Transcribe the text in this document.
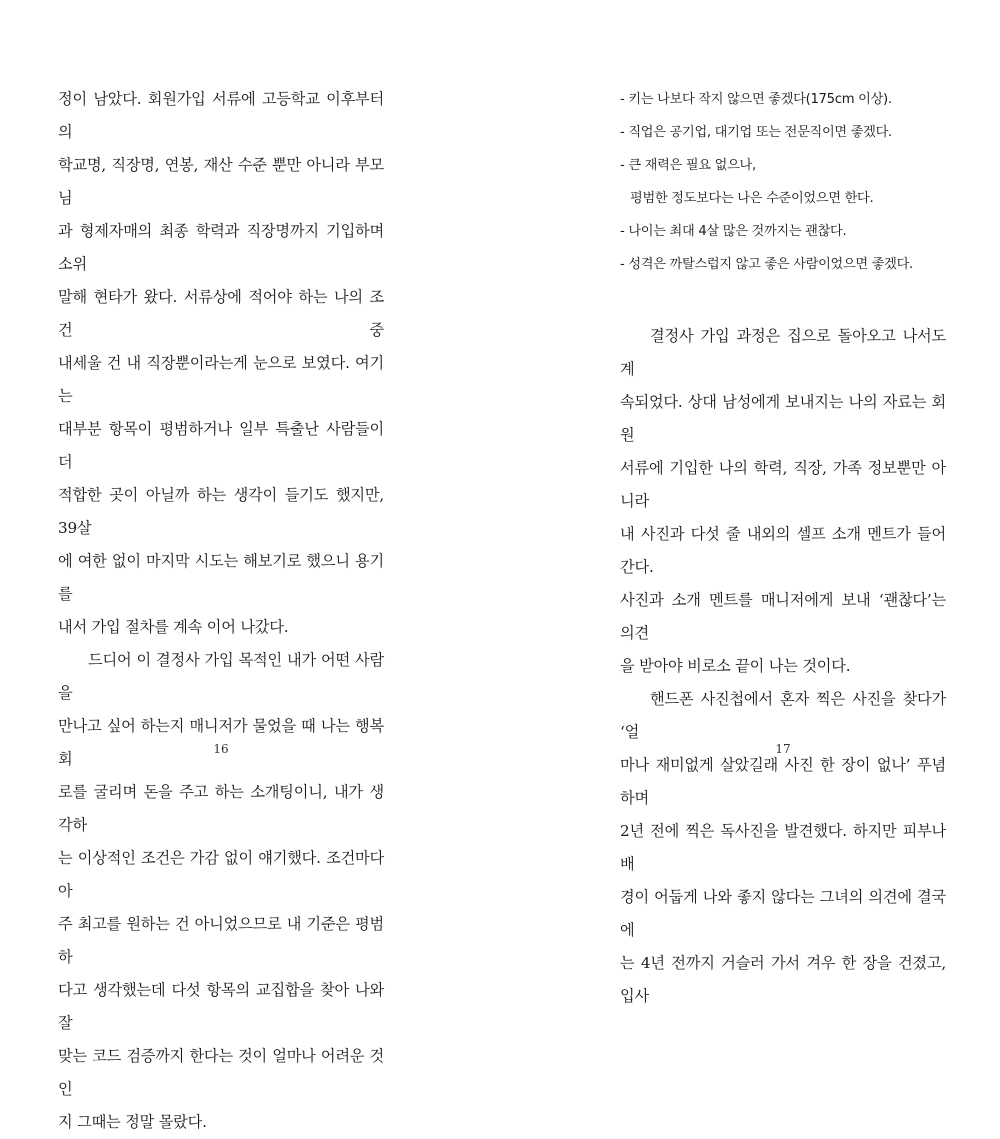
정이 남았다. 회원가입 서류에 고등학교 이후부터의

학교명, 직장명, 연봉, 재산 수준 뿐만 아니라 부모님

과 형제자매의 최종 학력과 직장명까지 기입하며 소위

말해 현타가 왔다. 서류상에 적어야 하는 나의 조건 중

내세울 건 내 직장뿐이라는게 눈으로 보였다. 여기는

대부분 항목이 평범하거나 일부 특출난 사람들이 더

적합한 곳이 아닐까 하는 생각이 들기도 했지만, 39살

에 여한 없이 마지막 시도는 해보기로 했으니 용기를

내서 가입 절차를 계속 이어 나갔다.

드디어 이 결정사 가입 목적인 내가 어떤 사람을

만나고 싶어 하는지 매니저가 물었을 때 나는 행복회

로를 굴리며 돈을 주고 하는 소개팅이니, 내가 생각하

는 이상적인 조건은 가감 없이 얘기했다. 조건마다 아

주 최고를 원하는 건 아니었으므로 내 기준은 평범하

다고 생각했는데 다섯 항목의 교집합을 찾아 나와 잘

맞는 코드 검증까지 한다는 것이 얼마나 어려운 것인

지 그때는 정말 몰랐다.

16

- 키는 나보다 작지 않으면 좋겠다(175cm 이상).

- 직업은 공기업, 대기업 또는 전문직이면 좋겠다.

- 큰 재력은 필요 없으나,

평범한 정도보다는 나은 수준이었으면 한다.

- 나이는 최대 4살 많은 것까지는 괜찮다.

- 성격은 까탈스럽지 않고 좋은 사람이었으면 좋겠다.

결정사 가입 과정은 집으로 돌아오고 나서도 계

속되었다. 상대 남성에게 보내지는 나의 자료는 회원

서류에 기입한 나의 학력, 직장, 가족 정보뿐만 아니라

내 사진과 다섯 줄 내외의 셀프 소개 멘트가 들어간다.

사진과 소개 멘트를 매니저에게 보내 ‘괜찮다’는 의견

을 받아야 비로소 끝이 나는 것이다.

핸드폰 사진첩에서 혼자 찍은 사진을 찾다가 ‘얼

마나 재미없게 살았길래 사진 한 장이 없나’ 푸념하며

2년 전에 찍은 독사진을 발견했다. 하지만 피부나 배

경이 어둡게 나와 좋지 않다는 그녀의 의견에 결국에

는 4년 전까지 거슬러 가서 겨우 한 장을 건졌고, 입사

17
